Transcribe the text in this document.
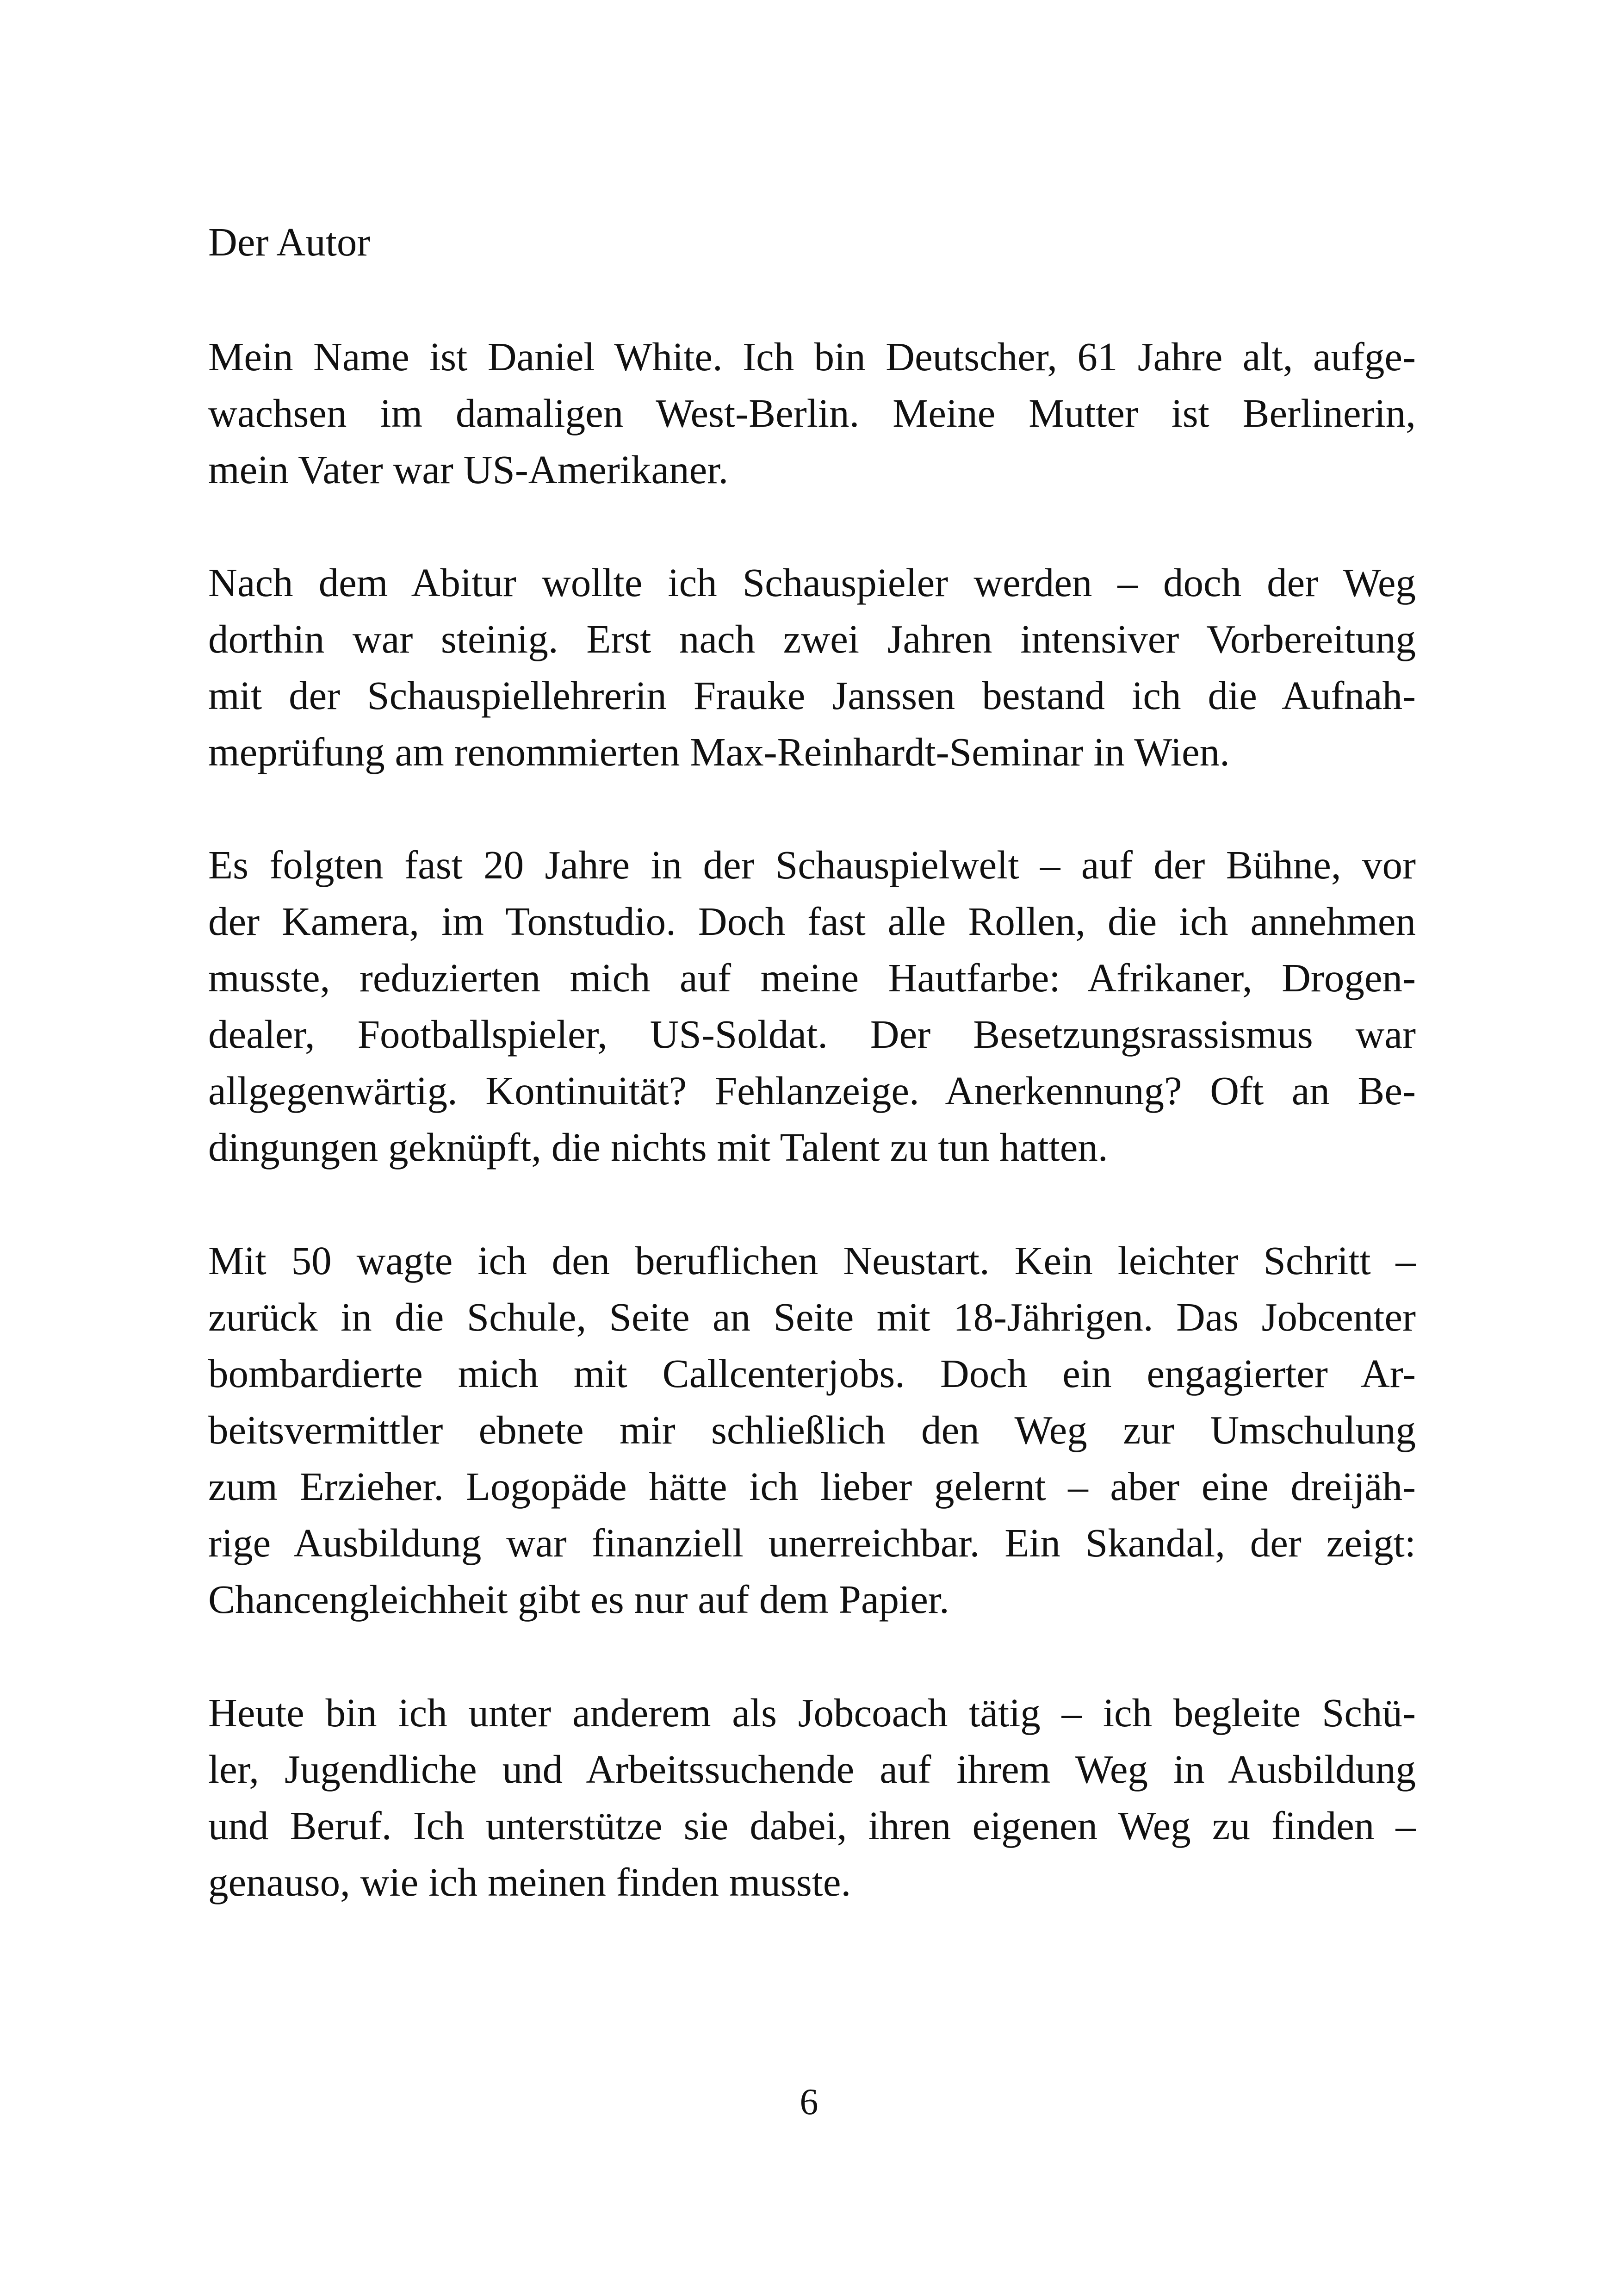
Der Autor
Mein Name ist Daniel White. Ich bin Deutscher, 61 Jahre alt, aufge-
wachsen im damaligen West-Berlin. Meine Mutter ist Berlinerin,
mein Vater war US-Amerikaner.
Nach dem Abitur wollte ich Schauspieler werden – doch der Weg
dorthin war steinig. Erst nach zwei Jahren intensiver Vorbereitung
mit der Schauspiellehrerin Frauke Janssen bestand ich die Aufnah-
meprüfung am renommierten Max-Reinhardt-Seminar in Wien.
Es folgten fast 20 Jahre in der Schauspielwelt – auf der Bühne, vor
der Kamera, im Tonstudio. Doch fast alle Rollen, die ich annehmen
musste, reduzierten mich auf meine Hautfarbe: Afrikaner, Drogen-
dealer, Footballspieler, US-Soldat. Der Besetzungsrassismus war
allgegenwärtig. Kontinuität? Fehlanzeige. Anerkennung? Oft an Be-
dingungen geknüpft, die nichts mit Talent zu tun hatten.
Mit 50 wagte ich den beruflichen Neustart. Kein leichter Schritt –
zurück in die Schule, Seite an Seite mit 18-Jährigen. Das Jobcenter
bombardierte mich mit Callcenterjobs. Doch ein engagierter Ar-
beitsvermittler ebnete mir schließlich den Weg zur Umschulung
zum Erzieher. Logopäde hätte ich lieber gelernt – aber eine dreijäh-
rige Ausbildung war finanziell unerreichbar. Ein Skandal, der zeigt:
Chancengleichheit gibt es nur auf dem Papier.
Heute bin ich unter anderem als Jobcoach tätig – ich begleite Schü-
ler, Jugendliche und Arbeitssuchende auf ihrem Weg in Ausbildung
und Beruf. Ich unterstütze sie dabei, ihren eigenen Weg zu finden –
genauso, wie ich meinen finden musste.
6
